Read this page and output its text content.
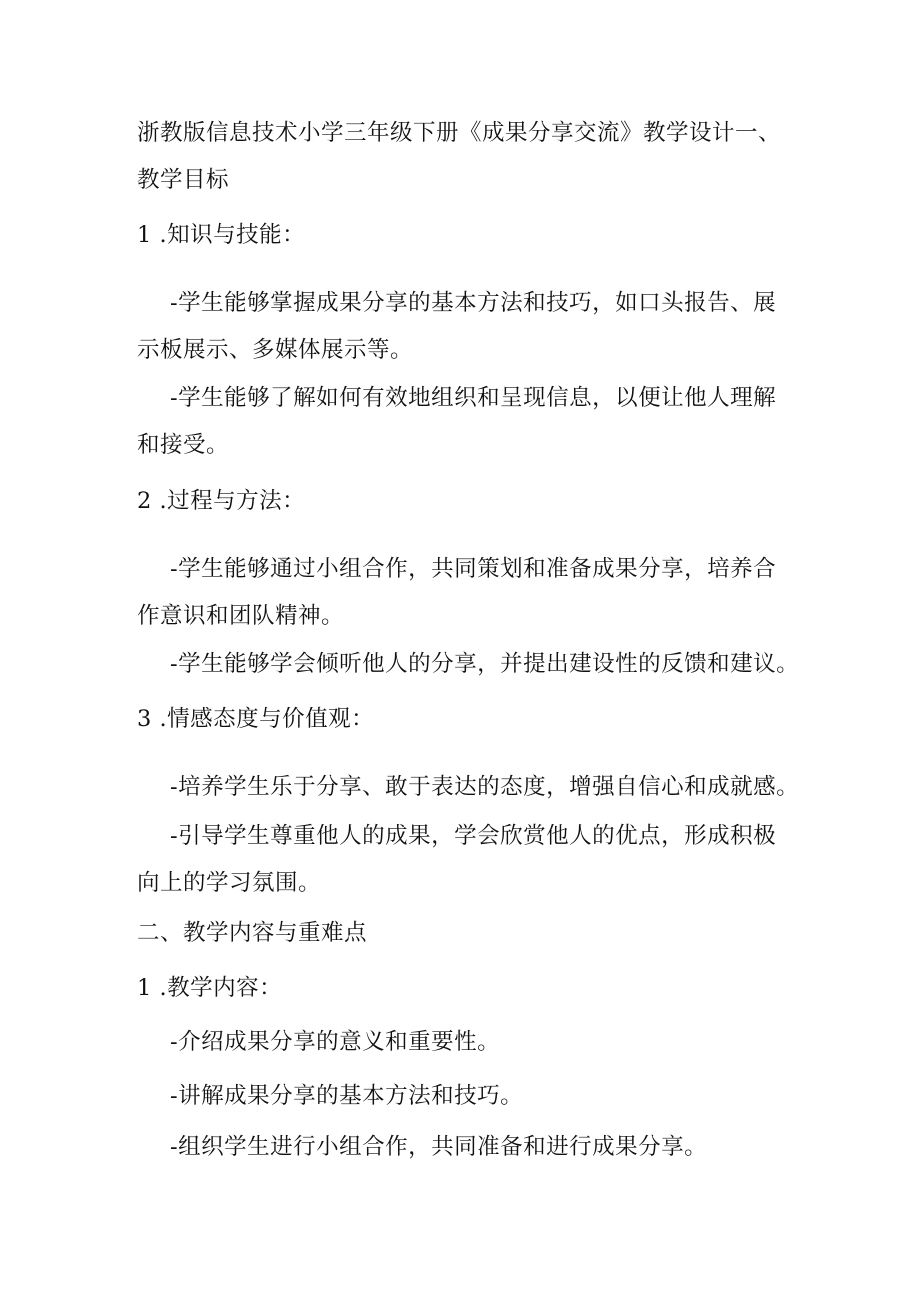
浙教版信息技术小学三年级下册《成果分享交流》教学设计一、
教学目标
1 .知识与技能：
-学生能够掌握成果分享的基本方法和技巧，如口头报告、展
示板展示、多媒体展示等。
-学生能够了解如何有效地组织和呈现信息，以便让他人理解
和接受。
2 .过程与方法：
-学生能够通过小组合作，共同策划和准备成果分享，培养合
作意识和团队精神。
-学生能够学会倾听他人的分享，并提出建设性的反馈和建议。
3 .情感态度与价值观：
-培养学生乐于分享、敢于表达的态度，增强自信心和成就感。
-引导学生尊重他人的成果，学会欣赏他人的优点，形成积极
向上的学习氛围。
二、教学内容与重难点
1 .教学内容：
-介绍成果分享的意义和重要性。
-讲解成果分享的基本方法和技巧。
-组织学生进行小组合作，共同准备和进行成果分享。
